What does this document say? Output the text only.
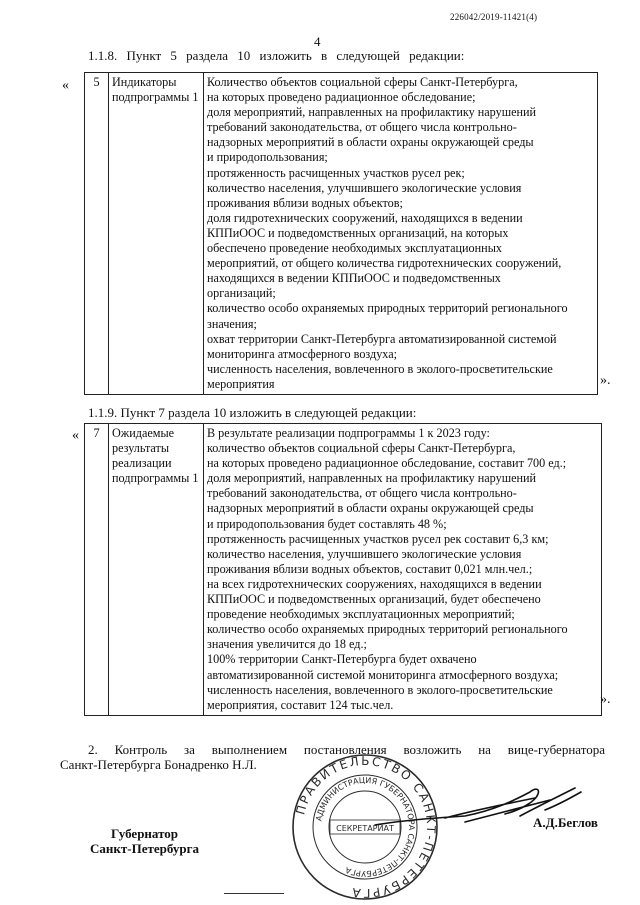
226042/2019-11421(4)
4
1.1.8. Пункт 5 раздела 10 изложить в следующей редакции:
« 5	Индикаторы
подпрограммы 1

Количество объектов социальной сферы Санкт-Петербурга,
на которых проведено радиационное обследование;
доля мероприятий, направленных на профилактику нарушений
требований законодательства, от общего числа контрольно-
надзорных мероприятий в области охраны окружающей среды
и природопользования;
протяженность расчищенных участков русел рек;
количество населения, улучшившего экологические условия
проживания вблизи водных объектов;
доля гидротехнических сооружений, находящихся в ведении
КППиООС и подведомственных организаций, на которых
обеспечено проведение необходимых эксплуатационных
мероприятий, от общего количества гидротехнических сооружений,
находящихся в ведении КППиООС и подведомственных
организаций;
количество особо охраняемых природных территорий регионального
значения;
охват территории Санкт-Петербурга автоматизированной системой
мониторинга атмосферного воздуха;
численность населения, вовлеченного в эколого-просветительские
мероприятия	».
1.1.9. Пункт 7 раздела 10 изложить в следующей редакции:
« 7	Ожидаемые
результаты
реализации
подпрограммы 1

В результате реализации подпрограммы 1 к 2023 году:
количество объектов социальной сферы Санкт-Петербурга,
на которых проведено радиационное обследование, составит 700 ед.;
доля мероприятий, направленных на профилактику нарушений
требований законодательства, от общего числа контрольно-
надзорных мероприятий в области охраны окружающей среды
и природопользования будет составлять 48 %;
протяженность расчищенных участков русел рек составит 6,3 км;
количество населения, улучшившего экологические условия
проживания вблизи водных объектов, составит 0,021 млн.чел.;
на всех гидротехнических сооружениях, находящихся в ведении
КППиООС и подведомственных организаций, будет обеспечено
проведение необходимых эксплуатационных мероприятий;
количество особо охраняемых природных территорий регионального
значения увеличится до 18 ед.;
100% территории Санкт-Петербурга будет охвачено
автоматизированной системой мониторинга атмосферного воздуха;
численность населения, вовлеченного в эколого-просветительские
мероприятия, составит 124 тыс.чел.	».
2. Контроль за выполнением постановления возложить на вице-губернатора
Санкт-Петербурга Бонадренко Н.Л.
Губернатор
Санкт-Петербурга
ПРАВИТЕЛЬСТВО САНКТ-ПЕТЕРБУРГА
АДМИНИСТРАЦИЯ ГУБЕРНАТОРА САНКТ-ПЕТЕРБУРГА
СЕКРЕТАРИАТ	А.Д.Беглов
